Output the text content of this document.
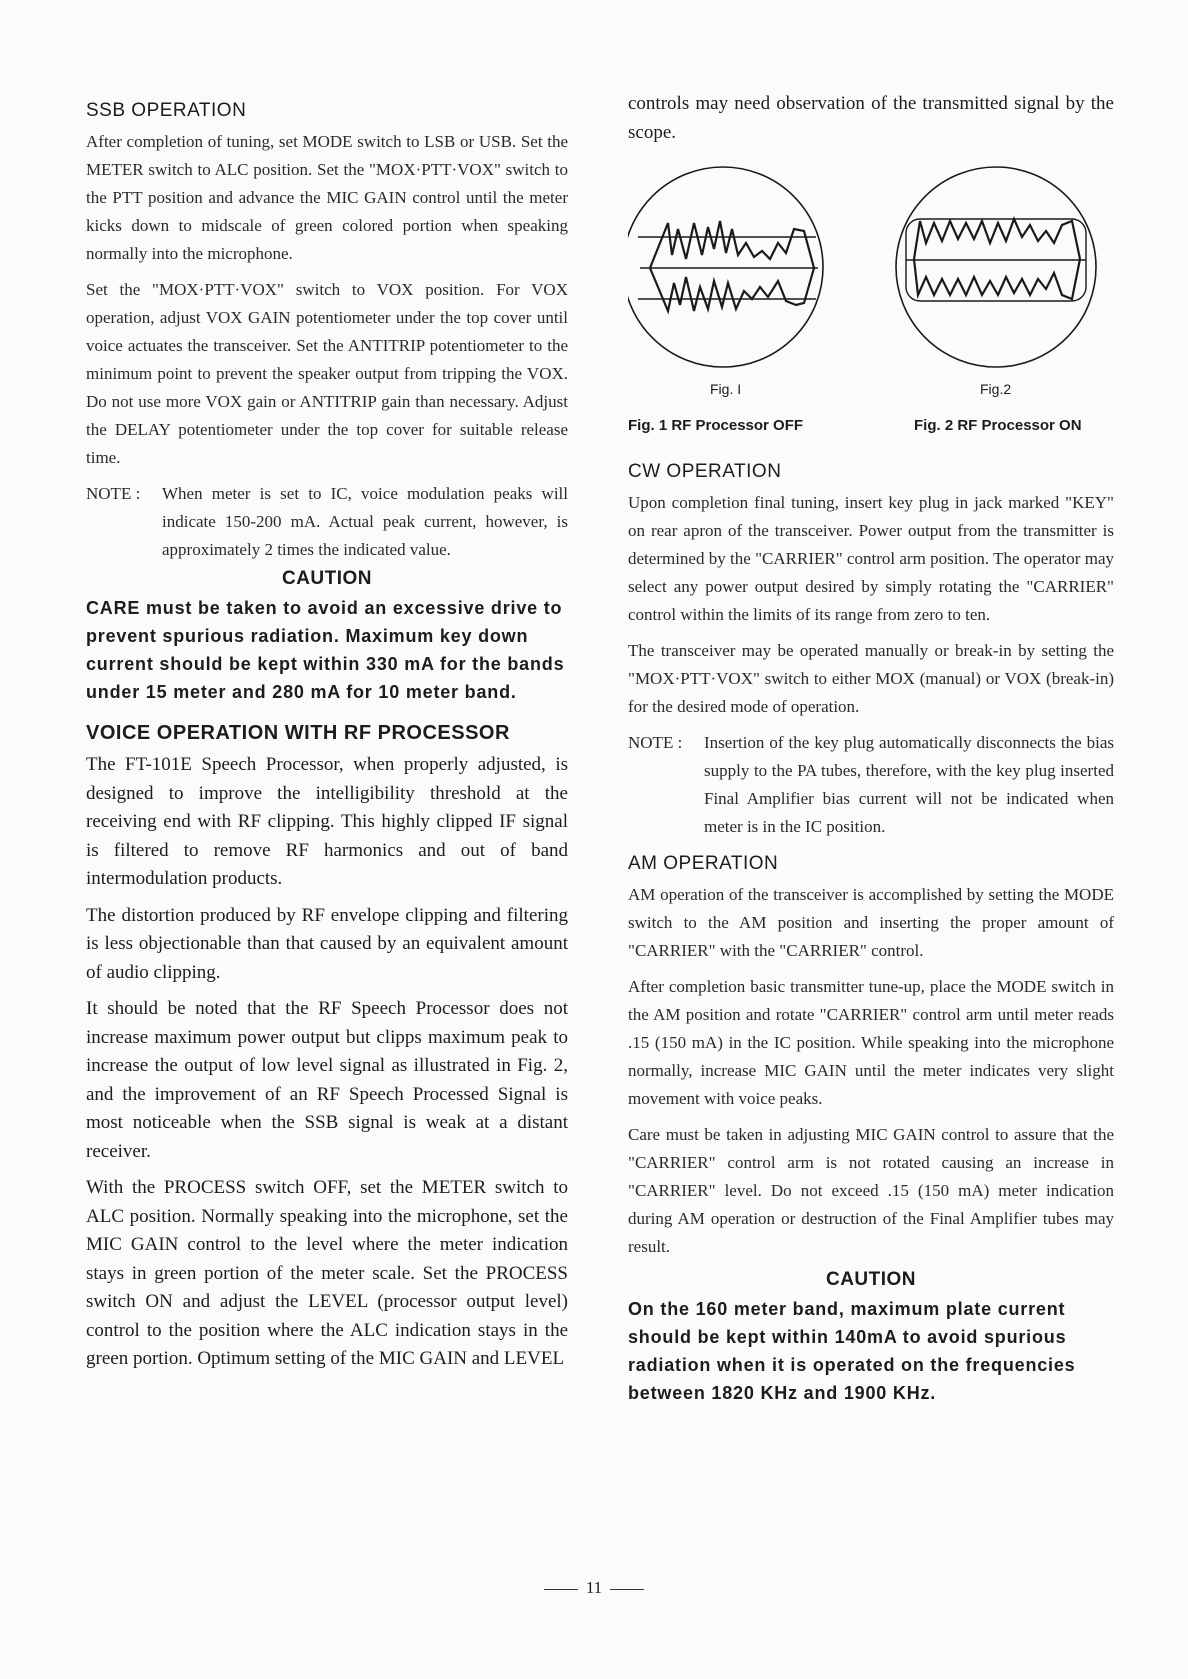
SSB OPERATION

After completion of tuning, set MODE switch to LSB or USB. Set the METER switch to ALC position. Set the "MOX·PTT·VOX" switch to the PTT position and advance the MIC GAIN control until the meter kicks down to midscale of green colored portion when speaking normally into the microphone.

Set the "MOX·PTT·VOX" switch to VOX position. For VOX operation, adjust VOX GAIN potentiometer under the top cover until voice actuates the transceiver. Set the ANTITRIP potentiometer to the minimum point to prevent the speaker output from tripping the VOX. Do not use more VOX gain or ANTITRIP gain than necessary. Adjust the DELAY potentiometer under the top cover for suitable release time.

NOTE :	When meter is set to IC, voice modulation peaks will indicate 150-200 mA. Actual peak current, however, is approximately 2 times the indicated value.
CAUTION
CARE must be taken to avoid an excessive drive to prevent spurious radiation. Maximum key down current should be kept within 330 mA for the bands under 15 meter and 280 mA for 10 meter band.
VOICE OPERATION WITH RF PROCESSOR

The FT-101E Speech Processor, when properly adjusted, is designed to improve the intelligibility threshold at the receiving end with RF clipping. This highly clipped IF signal is filtered to remove RF harmonics and out of band intermodulation products.

The distortion produced by RF envelope clipping and filtering is less objectionable than that caused by an equivalent amount of audio clipping.

It should be noted that the RF Speech Processor does not increase maximum power output but clipps maximum peak to increase the output of low level signal as illustrated in Fig. 2, and the improvement of an RF Speech Processed Signal is most noticeable when the SSB signal is weak at a distant receiver.

With the PROCESS switch OFF, set the METER switch to ALC position. Normally speaking into the microphone, set the MIC GAIN control to the level where the meter indication stays in green portion of the meter scale. Set the PROCESS switch ON and adjust the LEVEL (processor output level) control to the position where the ALC indication stays in the green portion. Optimum setting of the MIC GAIN and LEVEL

controls may need observation of the transmitted signal by the scope.

Fig. I	Fig.2
Fig. 1 RF Processor OFF	Fig. 2 RF Processor ON
CW OPERATION

Upon completion final tuning, insert key plug in jack marked "KEY" on rear apron of the transceiver. Power output from the transmitter is determined by the "CARRIER" control arm position. The operator may select any power output desired by simply rotating the "CARRIER" control within the limits of its range from zero to ten.

The transceiver may be operated manually or break-in by setting the "MOX·PTT·VOX" switch to either MOX (manual) or VOX (break-in) for the desired mode of operation.

NOTE :	Insertion of the key plug automatically disconnects the bias supply to the PA tubes, therefore, with the key plug inserted Final Amplifier bias current will not be indicated when meter is in the IC position.
AM OPERATION

AM operation of the transceiver is accomplished by setting the MODE switch to the AM position and inserting the proper amount of "CARRIER" with the "CARRIER" control.

After completion basic transmitter tune-up, place the MODE switch in the AM position and rotate "CARRIER" control arm until meter reads .15 (150 mA) in the IC position. While speaking into the microphone normally, increase MIC GAIN until the meter indicates very slight movement with voice peaks.

Care must be taken in adjusting MIC GAIN control to assure that the "CARRIER" control arm is not rotated causing an increase in "CARRIER" level. Do not exceed .15 (150 mA) meter indication during AM operation or destruction of the Final Amplifier tubes may result.

CAUTION
On the 160 meter band, maximum plate current should be kept within 140mA to avoid spurious radiation when it is operated on the frequencies between 1820 KHz and 1900 KHz.
11
